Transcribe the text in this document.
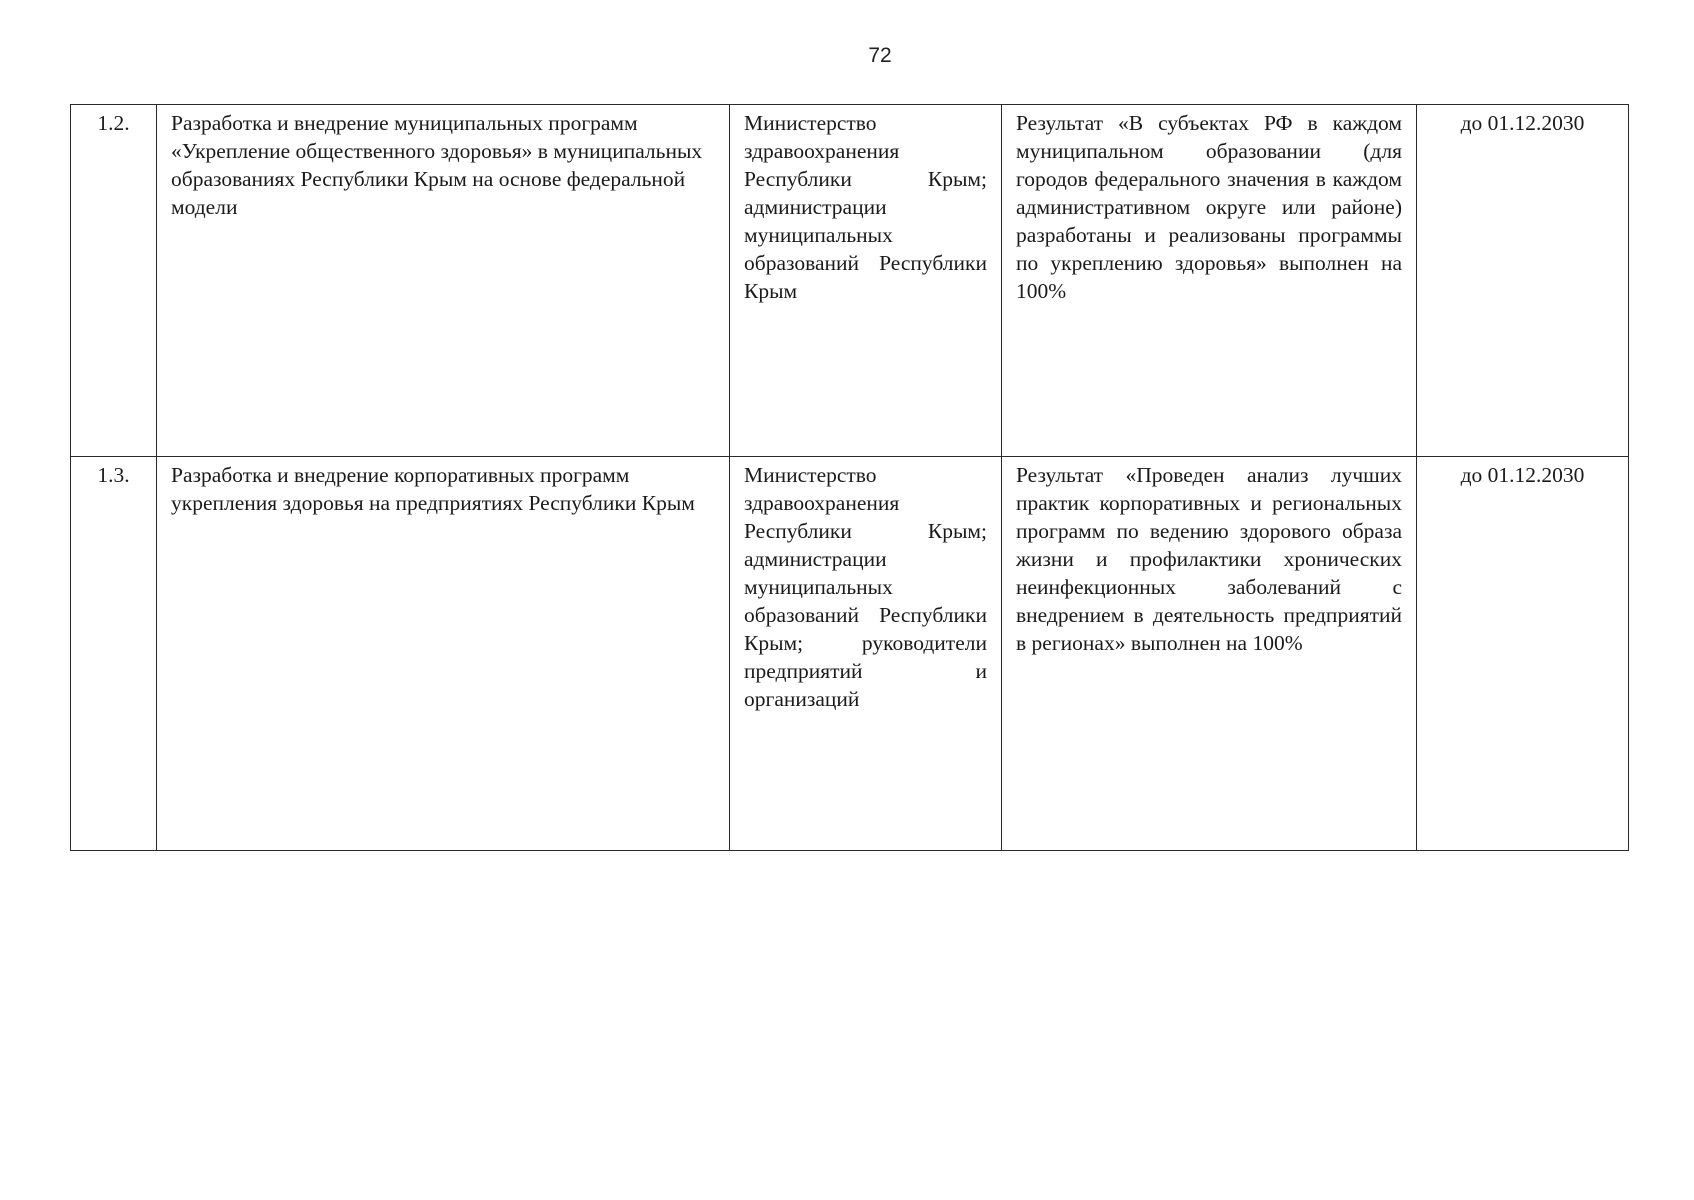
72
1.2.	Разработка и внедрение муниципальных программ «Укрепление общественного здоровья» в муниципальных образованиях Республики Крым на основе федеральной модели	Министерство здравоохранения Республики Крым; администрации муниципальных образований Республики Крым	Результат «В субъектах РФ в каждом муниципальном образовании (для городов федерального значения в каждом административном округе или районе) разработаны и реализованы программы по укреплению здоровья» выполнен на 100%	до 01.12.2030
1.3.	Разработка и внедрение корпоративных программ укрепления здоровья на предприятиях Республики Крым	Министерство здравоохранения Республики Крым; администрации муниципальных образований Республики Крым; руководители предприятий и организаций	Результат «Проведен анализ лучших практик корпоративных и региональных программ по ведению здорового образа жизни и профилактики хронических неинфекционных заболеваний с внедрением в деятельность предприятий в регионах» выполнен на 100%	до 01.12.2030
